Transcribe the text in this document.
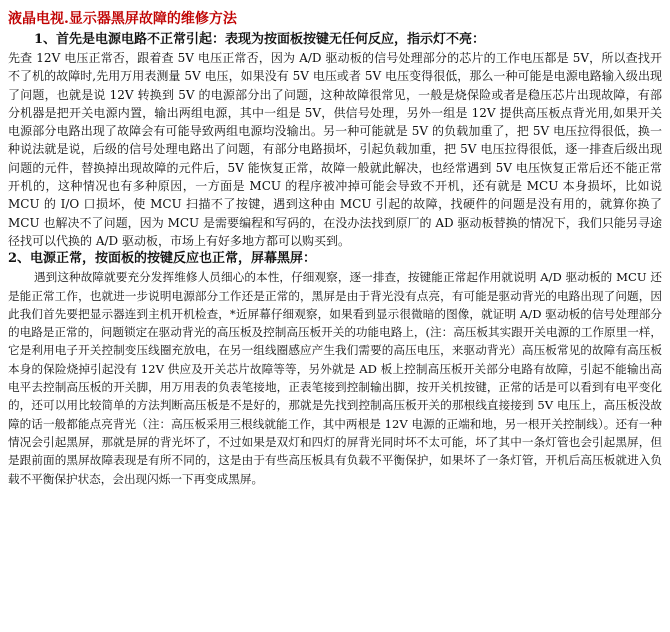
液晶电视.显示器黑屏故障的维修方法
1、首先是电源电路不正常引起：表现为按面板按键无任何反应，指示灯不亮：
先查 12V 电压正常否，跟着查 5V 电压正常否，因为 A/D 驱动板的信号处理部分的芯片的工作电压都是 5V，所以查找开不了机的故障时,先用万用表测量 5V 电压，如果没有 5V 电压或者 5V 电压变得很低，那么一种可能是电源电路输入级出现了问题，也就是说 12V 转换到 5V 的电源部分出了问题，这种故障很常见，一般是烧保险或者是稳压芯片出现故障，有部分机器是把开关电源内置，输出两组电源，其中一组是 5V，供信号处理，另外一组是 12V 提供高压板点背光用,如果开关电源部分电路出现了故障会有可能导致两组电源均没输出。另一种可能就是 5V 的负载加重了，把 5V 电压拉得很低，换一种说法就是说，后级的信号处理电路出了问题，有部分电路损坏，引起负载加重，把 5V 电压拉得很低，逐一排查后级出现问题的元件，替换掉出现故障的元件后，5V 能恢复正常，故障一般就此解决，也经常遇到 5V 电压恢复正常后还不能正常开机的，这种情况也有多种原因，一方面是 MCU 的程序被冲掉可能会导致不开机，还有就是 MCU 本身损坏，比如说 MCU 的 I/O 口损坏，使 MCU 扫描不了按键，遇到这种由 MCU 引起的故障，找硬件的问题是没有用的，就算你换了 MCU 也解决不了问题，因为 MCU 是需要编程和写码的，在没办法找到原厂的 AD 驱动板替换的情况下，我们只能另寻途径找可以代换的 A/D 驱动板，市场上有好多地方都可以购买到。
2、电源正常，按面板的按键反应也正常，屏幕黑屏：
遇到这种故障就要充分发挥维修人员细心的本性，仔细观察，逐一排查，按键能正常起作用就说明 A/D 驱动板的 MCU 还是能正常工作，也就进一步说明电源部分工作还是正常的，黑屏是由于背光没有点亮，有可能是驱动背光的电路出现了问题，因此我们首先要把显示器连到主机开机检查，*近屏幕仔细观察，如果看到显示很微暗的图像，就证明 A/D 驱动板的信号处理部分的电路是正常的，问题锁定在驱动背光的高压板及控制高压板开关的功能电路上，(注：高压板其实跟开关电源的工作原里一样，它是利用电子开关控制变压线圈充放电，在另一组线圈感应产生我们需要的高压电压，来驱动背光）高压板常见的故障有高压板本身的保险烧掉引起没有 12V 供应及开关芯片故障等等，另外就是 AD 板上控制高压板开关部分电路有故障，引起不能输出高电平去控制高压板的开关脚，用万用表的负表笔接地，正表笔接到控制输出脚，按开关机按键，正常的话是可以看到有电平变化的，还可以用比较简单的方法判断高压板是不是好的，那就是先找到控制高压板开关的那根线直接接到 5V 电压上，高压板没故障的话一般都能点亮背光（注：高压板采用三根线就能工作，其中两根是 12V 电源的正端和地，另一根开关控制线）。还有一种情况会引起黑屏，那就是屏的背光坏了，不过如果是双灯和四灯的屏背光同时坏不太可能，坏了其中一条灯管也会引起黑屏，但是跟前面的黑屏故障表现是有所不同的，这是由于有些高压板具有负载不平衡保护，如果坏了一条灯管，开机后高压板就进入负载不平衡保护状态，会出现闪烁一下再变成黑屏。
